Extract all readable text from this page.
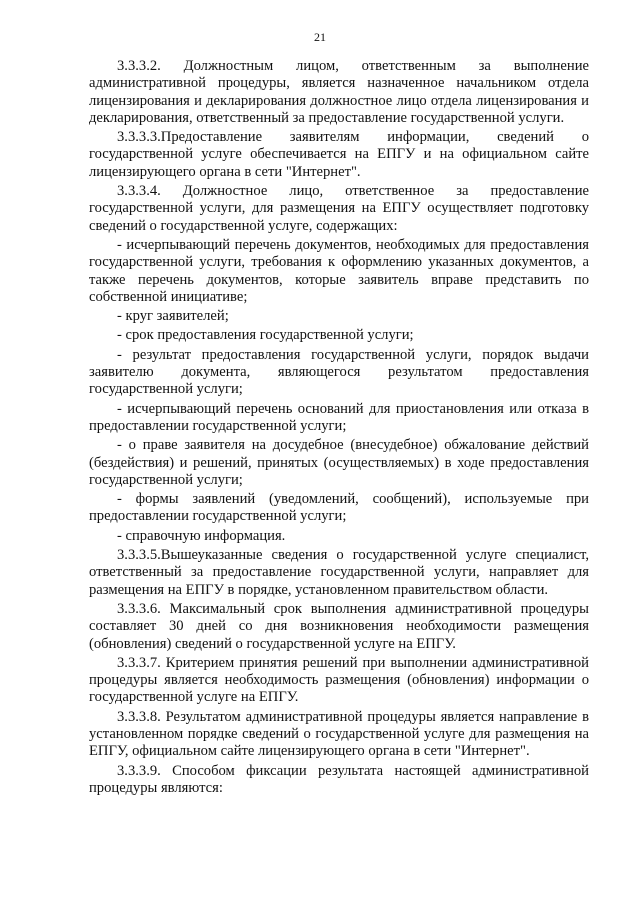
21

3.3.3.2. Должностным лицом, ответственным за выполнение административной процедуры, является назначенное начальником отдела лицензирования и декларирования должностное лицо отдела лицензирования и декларирования, ответственный за предоставление государственной услуги.

3.3.3.3.Предоставление заявителям информации, сведений о государственной услуге обеспечивается на ЕПГУ и на официальном сайте лицензирующего органа в сети "Интернет".

3.3.3.4. Должностное лицо, ответственное за предоставление государственной услуги, для размещения на ЕПГУ осуществляет подготовку сведений о государственной услуге, содержащих:

- исчерпывающий перечень документов, необходимых для предоставления государственной услуги, требования к оформлению указанных документов, а также перечень документов, которые заявитель вправе представить по собственной инициативе;

- круг заявителей;

- срок предоставления государственной услуги;

- результат предоставления государственной услуги, порядок выдачи заявителю документа, являющегося результатом предоставления государственной услуги;

- исчерпывающий перечень оснований для приостановления или отказа в предоставлении государственной услуги;

- о праве заявителя на досудебное (внесудебное) обжалование действий (бездействия) и решений, принятых (осуществляемых) в ходе предоставления государственной услуги;

- формы заявлений (уведомлений, сообщений), используемые при предоставлении государственной услуги;

- справочную информация.

3.3.3.5.Вышеуказанные сведения о государственной услуге специалист, ответственный за предоставление государственной услуги, направляет для размещения на ЕПГУ в порядке, установленном правительством области.

3.3.3.6. Максимальный срок выполнения административной процедуры составляет 30 дней со дня возникновения необходимости размещения (обновления) сведений о государственной услуге на ЕПГУ.

3.3.3.7. Критерием принятия решений при выполнении административной процедуры является необходимость размещения (обновления) информации о государственной услуге на ЕПГУ.

3.3.3.8. Результатом административной процедуры является направление в установленном порядке сведений о государственной услуге для размещения на ЕПГУ, официальном сайте лицензирующего органа в сети "Интернет".

3.3.3.9. Способом фиксации результата настоящей административной процедуры являются:
